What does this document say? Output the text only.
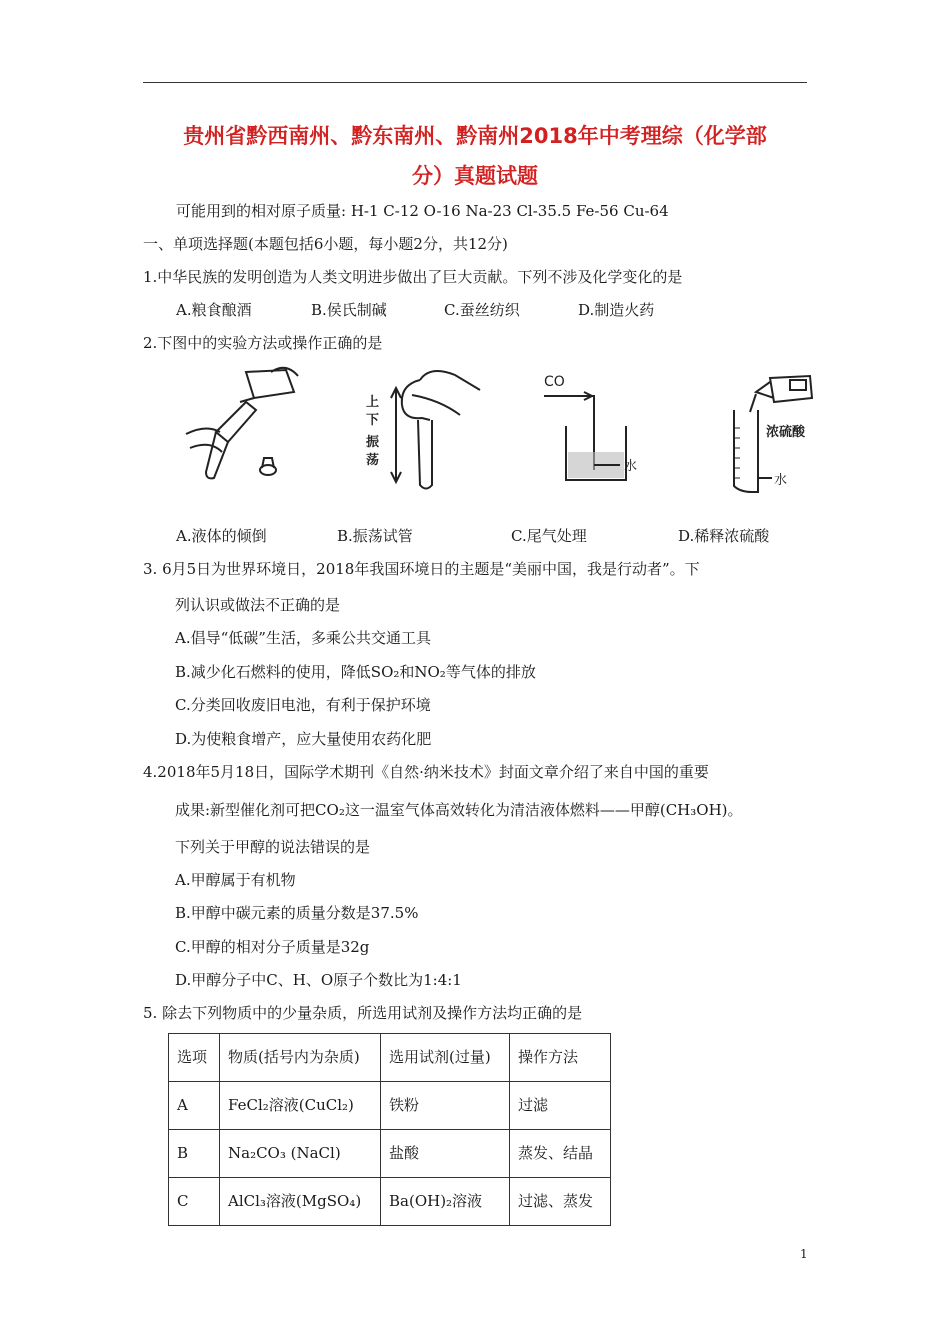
贵州省黔西南州、黔东南州、黔南州2018年中考理综（化学部
分）真题试题
可能用到的相对原子质量: H-1 C-12 O-16 Na-23 Cl-35.5 Fe-56 Cu-64
一、单项选择题(本题包括6小题，每小题2分，共12分)
1.中华民族的发明创造为人类文明进步做出了巨大贡献。下列不涉及化学变化的是
A.粮食酿酒	B.侯氏制碱	C.蚕丝纺织	D.制造火药
2.下图中的实验方法或操作正确的是
上
下
振
荡
CO
水
浓硫酸
水
A.液体的倾倒	B.振荡试管	C.尾气处理	D.稀释浓硫酸
3. 6月5日为世界环境日，2018年我国环境日的主题是“美丽中国，我是行动者”。下
列认识或做法不正确的是
A.倡导“低碳”生活，多乘公共交通工具
B.减少化石燃料的使用，降低SO₂和NO₂等气体的排放
C.分类回收废旧电池，有利于保护环境
D.为使粮食增产，应大量使用农药化肥
4.2018年5月18日，国际学术期刊《自然·纳米技术》封面文章介绍了来自中国的重要
成果:新型催化剂可把CO₂这一温室气体高效转化为清洁液体燃料——甲醇(CH₃OH)。
下列关于甲醇的说法错误的是
A.甲醇属于有机物
B.甲醇中碳元素的质量分数是37.5%
C.甲醇的相对分子质量是32g
D.甲醇分子中C、H、O原子个数比为1:4:1
5. 除去下列物质中的少量杂质，所选用试剂及操作方法均正确的是
选项	物质(括号内为杂质)	选用试剂(过量)	操作方法
A	FeCl₂溶液(CuCl₂)	铁粉	过滤
B	Na₂CO₃ (NaCl)	盐酸	蒸发、结晶
C	AlCl₃溶液(MgSO₄)	Ba(OH)₂溶液	过滤、蒸发
1
